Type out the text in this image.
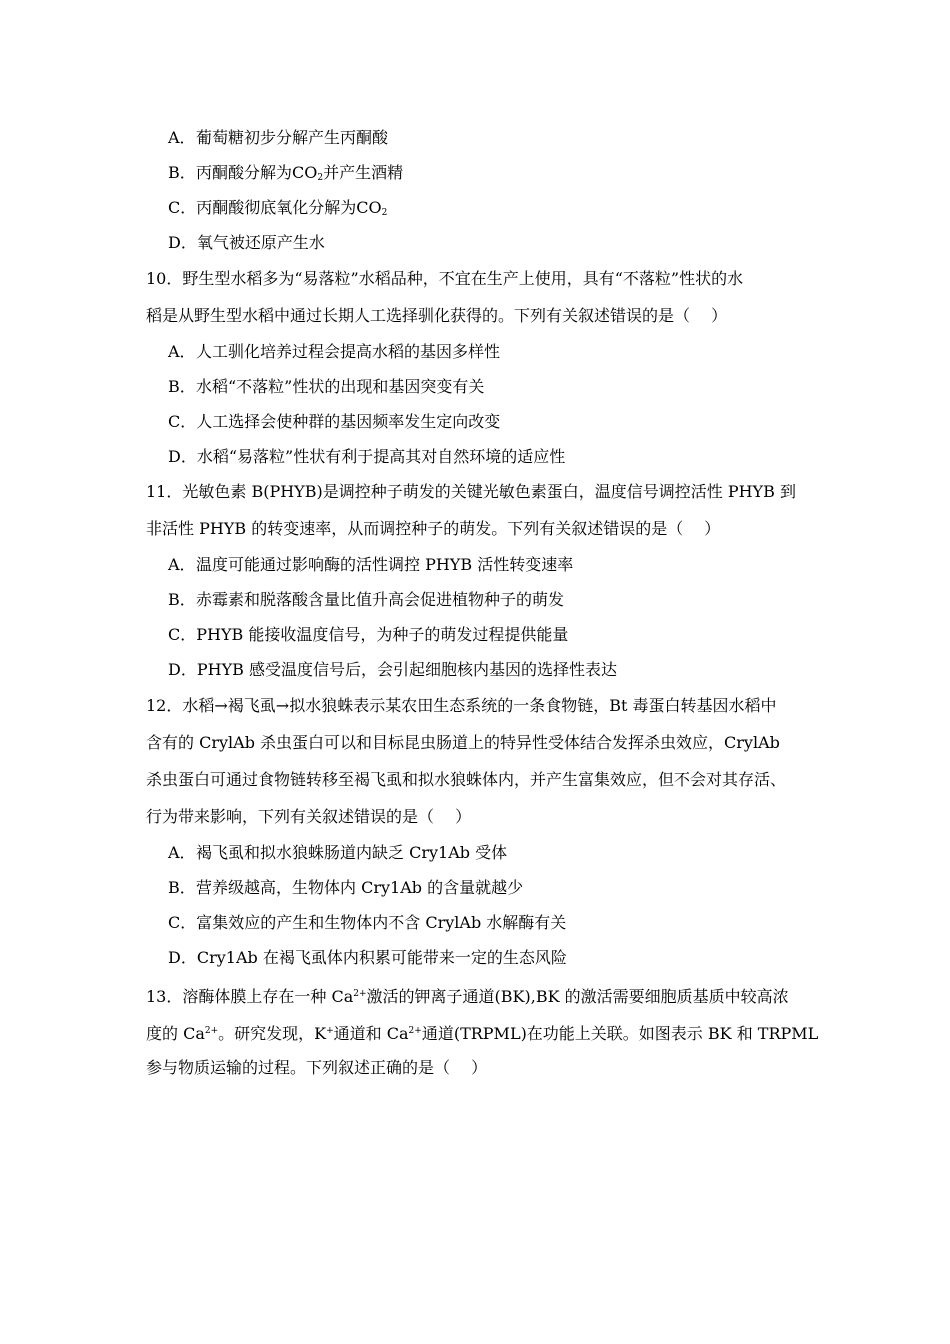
A．葡萄糖初步分解产生丙酮酸
B．丙酮酸分解为$CO_2$并产生酒精
C．丙酮酸彻底氧化分解为$CO_2$
D．氧气被还原产生水
10．野生型水稻多为“易落粒”水稻品种，不宜在生产上使用，具有“不落粒”性状的水
稻是从野生型水稻中通过长期人工选择驯化获得的。下列有关叙述错误的是（　 ）
A．人工驯化培养过程会提高水稻的基因多样性
B．水稻“不落粒”性状的出现和基因突变有关
C．人工选择会使种群的基因频率发生定向改变
D．水稻“易落粒”性状有利于提高其对自然环境的适应性
11．光敏色素 B(PHYB)是调控种子萌发的关键光敏色素蛋白，温度信号调控活性 PHYB 到
非活性 PHYB 的转变速率，从而调控种子的萌发。下列有关叙述错误的是（　 ）
A．温度可能通过影响酶的活性调控 PHYB 活性转变速率
B．赤霉素和脱落酸含量比值升高会促进植物种子的萌发
C．PHYB 能接收温度信号，为种子的萌发过程提供能量
D．PHYB 感受温度信号后，会引起细胞核内基因的选择性表达
12．水稻→褐飞虱→拟水狼蛛表示某农田生态系统的一条食物链，Bt 毒蛋白转基因水稻中
含有的 CrylAb 杀虫蛋白可以和目标昆虫肠道上的特异性受体结合发挥杀虫效应，CrylAb
杀虫蛋白可通过食物链转移至褐飞虱和拟水狼蛛体内，并产生富集效应，但不会对其存活、
行为带来影响，下列有关叙述错误的是（　 ）
A．褐飞虱和拟水狼蛛肠道内缺乏 Cry1Ab 受体
B．营养级越高，生物体内 Cry1Ab 的含量就越少
C．富集效应的产生和生物体内不含 CrylAb 水解酶有关
D．Cry1Ab 在褐飞虱体内积累可能带来一定的生态风险
13．溶酶体膜上存在一种 $Ca^{2+}$激活的钾离子通道(BK),BK 的激活需要细胞质基质中较高浓
度的 $Ca^{2+}$。研究发现，K+通道和 $Ca^{2+}$通道(TRPML)在功能上关联。如图表示 BK 和 TRPML
参与物质运输的过程。下列叙述正确的是（　 ）
